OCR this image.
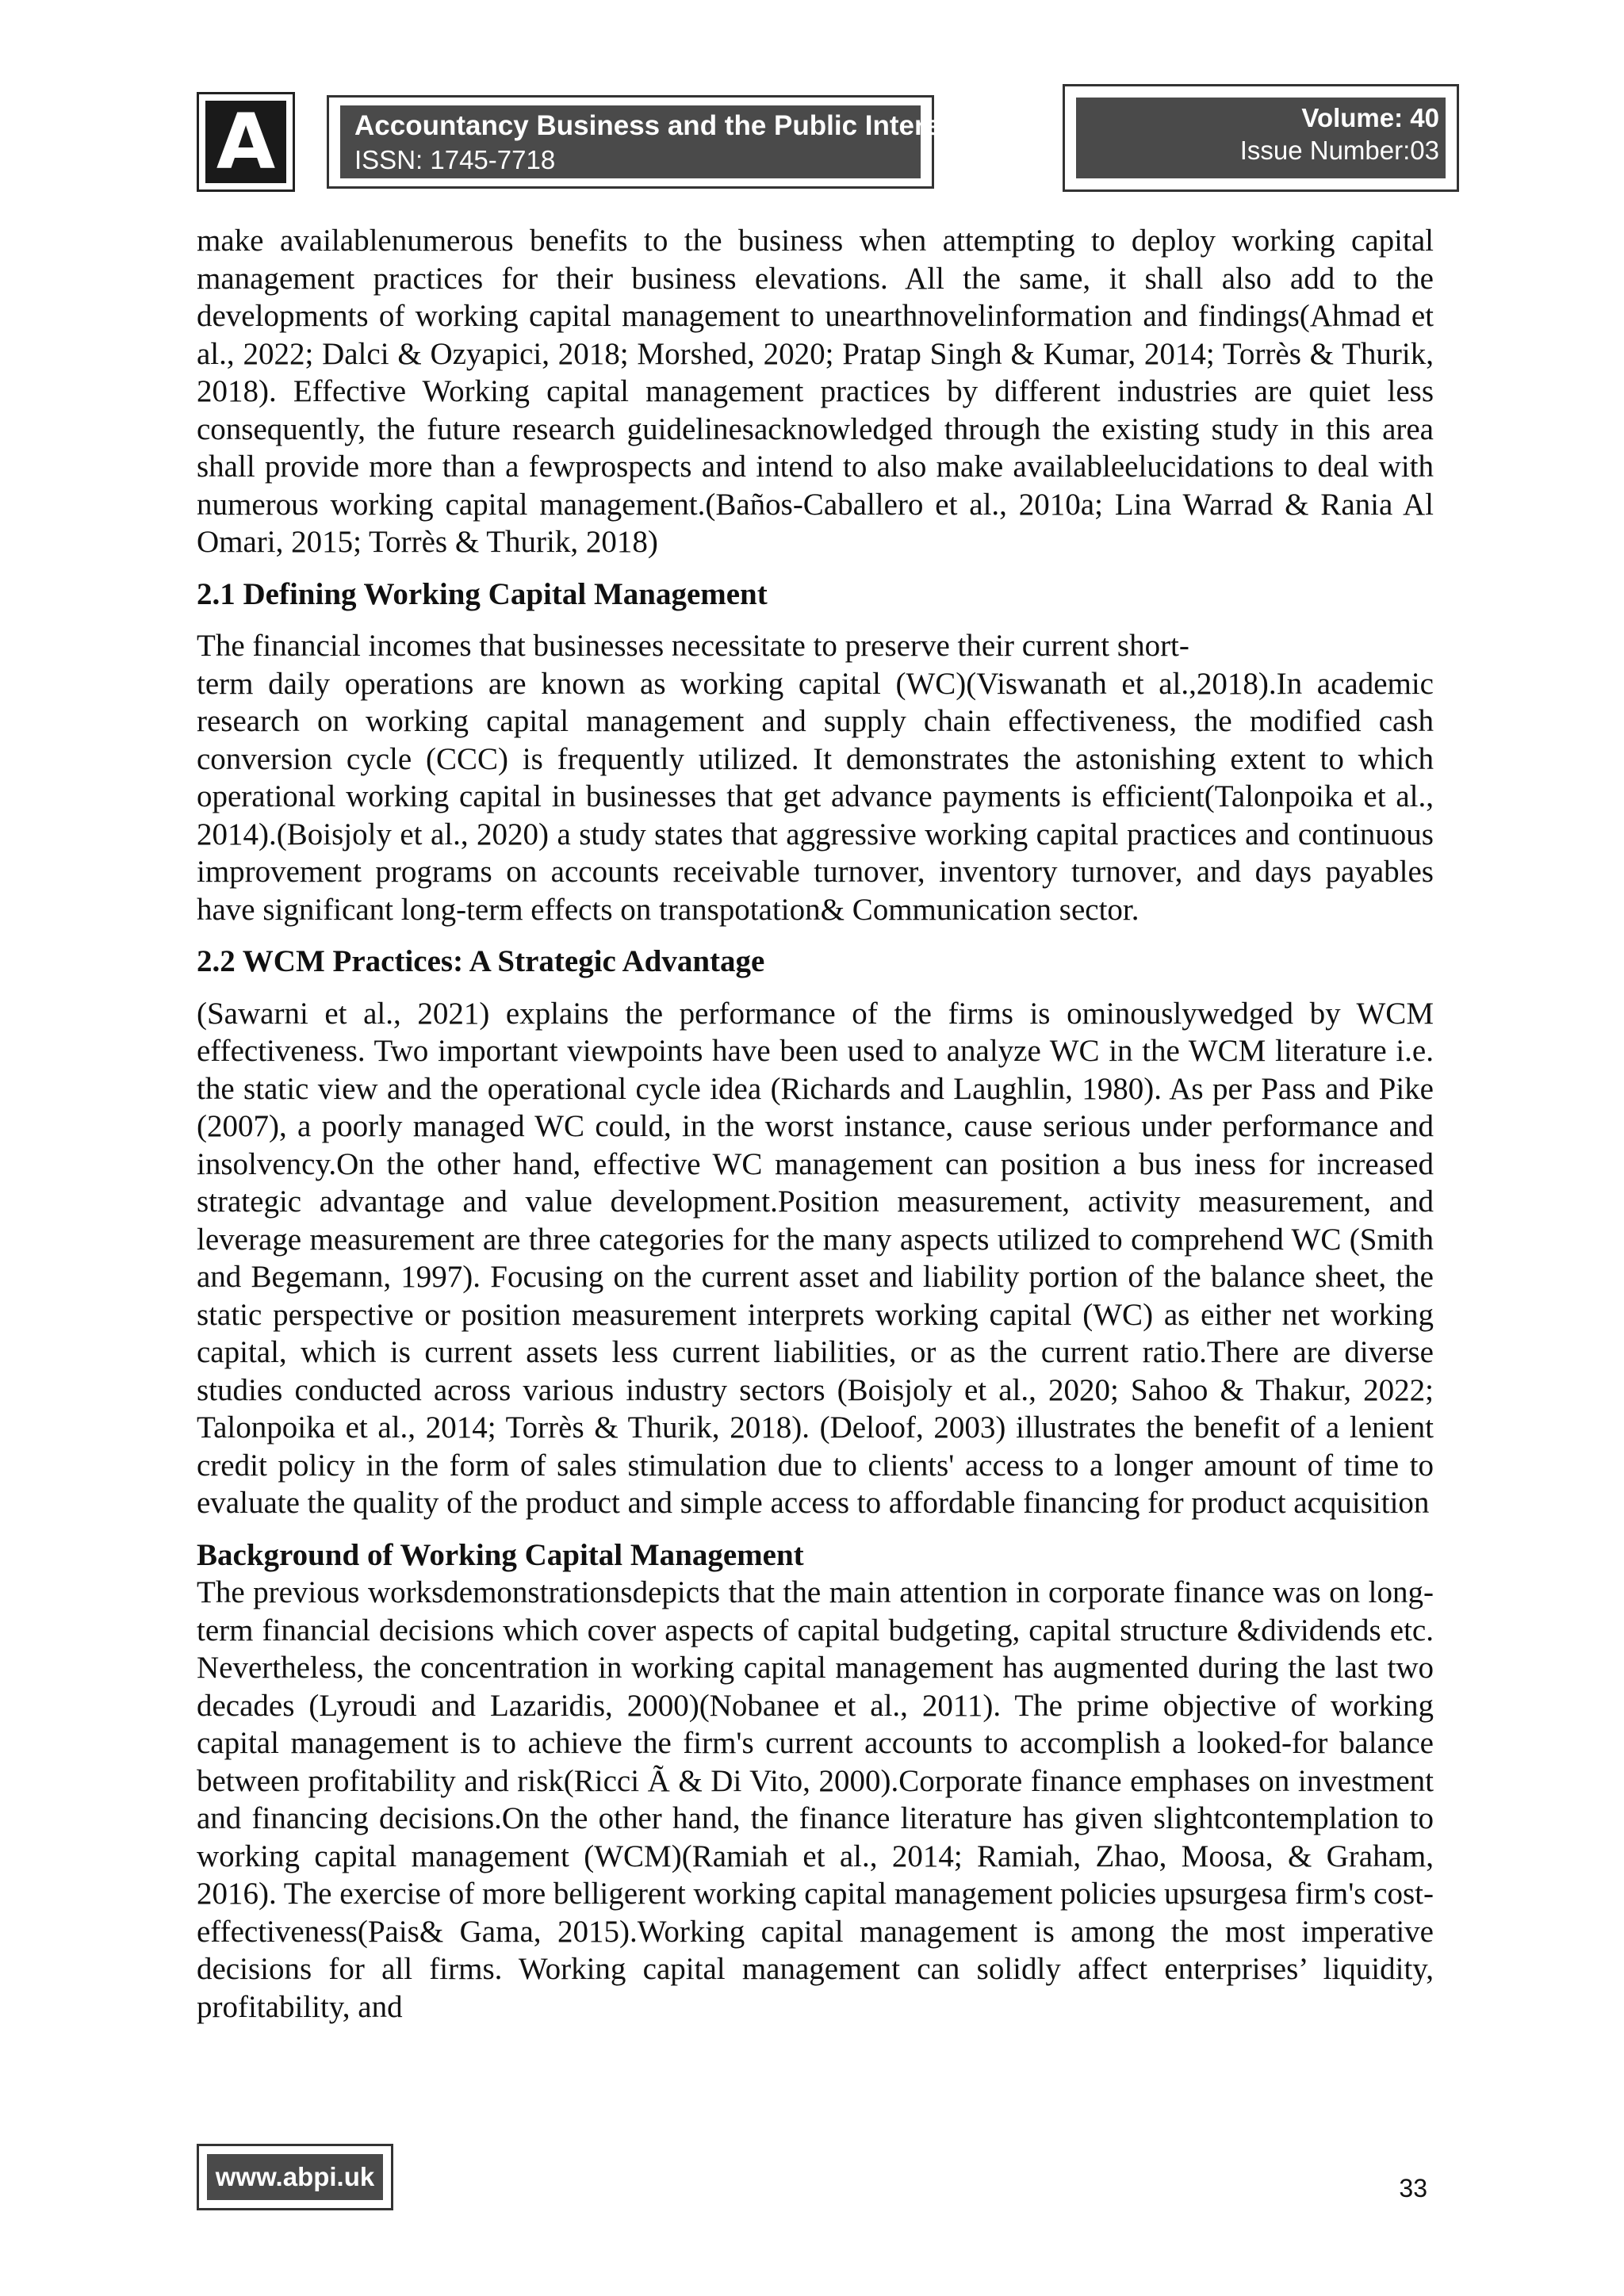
A	Accountancy Business and the Public Interest
ISSN: 1745-7718
Volume: 40
Issue Number:03

make availablenumerous benefits to the business when attempting to deploy working capital management practices for their business elevations. All the same, it shall also add to the developments of working capital management to unearthnovelinformation and findings(Ahmad et al., 2022; Dalci & Ozyapici, 2018; Morshed, 2020; Pratap Singh & Kumar, 2014; Torrès & Thurik, 2018). Effective Working capital management practices by different industries are quiet less consequently, the future research guidelinesacknowledged through the existing study in this area shall provide more than a fewprospects and intend to also make availableelucidations to deal with numerous working capital management.(Baños-Caballero et al., 2010a; Lina Warrad & Rania Al Omari, 2015; Torrès & Thurik, 2018)

2.1 Defining Working Capital Management

The financial incomes that businesses necessitate to preserve their current short-

term daily operations are known as working capital (WC)(Viswanath et al.,2018).In academic research on working capital management and supply chain effectiveness, the modified cash conversion cycle (CCC) is frequently utilized. It demonstrates the astonishing extent to which operational working capital in businesses that get advance payments is efficient(Talonpoika et al., 2014).(Boisjoly et al., 2020) a study states that aggressive working capital practices and continuous improvement programs on accounts receivable turnover, inventory turnover, and days payables have significant long-term effects on transpotation& Communication sector.

2.2 WCM Practices: A Strategic Advantage

(Sawarni et al., 2021) explains the performance of the firms is ominouslywedged by WCM effectiveness. Two important viewpoints have been used to analyze WC in the WCM literature i.e. the static view and the operational cycle idea (Richards and Laughlin, 1980). As per Pass and Pike (2007), a poorly managed WC could, in the worst instance, cause serious under performance and insolvency.On the other hand, effective WC management can position a bus iness for increased strategic advantage and value development.Position measurement, activity measurement, and leverage measurement are three categories for the many aspects utilized to comprehend WC (Smith and Begemann, 1997). Focusing on the current asset and liability portion of the balance sheet, the static perspective or position measurement interprets working capital (WC) as either net working capital, which is current assets less current liabilities, or as the current ratio.There are diverse studies conducted across various industry sectors (Boisjoly et al., 2020; Sahoo & Thakur, 2022; Talonpoika et al., 2014; Torrès & Thurik, 2018). (Deloof, 2003) illustrates the benefit of a lenient credit policy in the form of sales stimulation due to clients' access to a longer amount of time to evaluate the quality of the product and simple access to affordable financing for product acquisition

Background of Working Capital Management

The previous worksdemonstrationsdepicts that the main attention in corporate finance was on long-term financial decisions which cover aspects of capital budgeting, capital structure &dividends etc. Nevertheless, the concentration in working capital management has augmented during the last two decades (Lyroudi and Lazaridis, 2000)(Nobanee et al., 2011). The prime objective of working capital management is to achieve the firm's current accounts to accomplish a looked-for balance between profitability and risk(Ricci Ã & Di Vito, 2000).Corporate finance emphases on investment and financing decisions.On the other hand, the finance literature has given slightcontemplation to working capital management (WCM)(Ramiah et al., 2014; Ramiah, Zhao, Moosa, & Graham, 2016). The exercise of more belligerent working capital management policies upsurgesa firm's cost-effectiveness(Pais& Gama, 2015).Working capital management is among the most imperative decisions for all firms. Working capital management can solidly affect enterprises’ liquidity, profitability, and

www.abpi.uk	33
